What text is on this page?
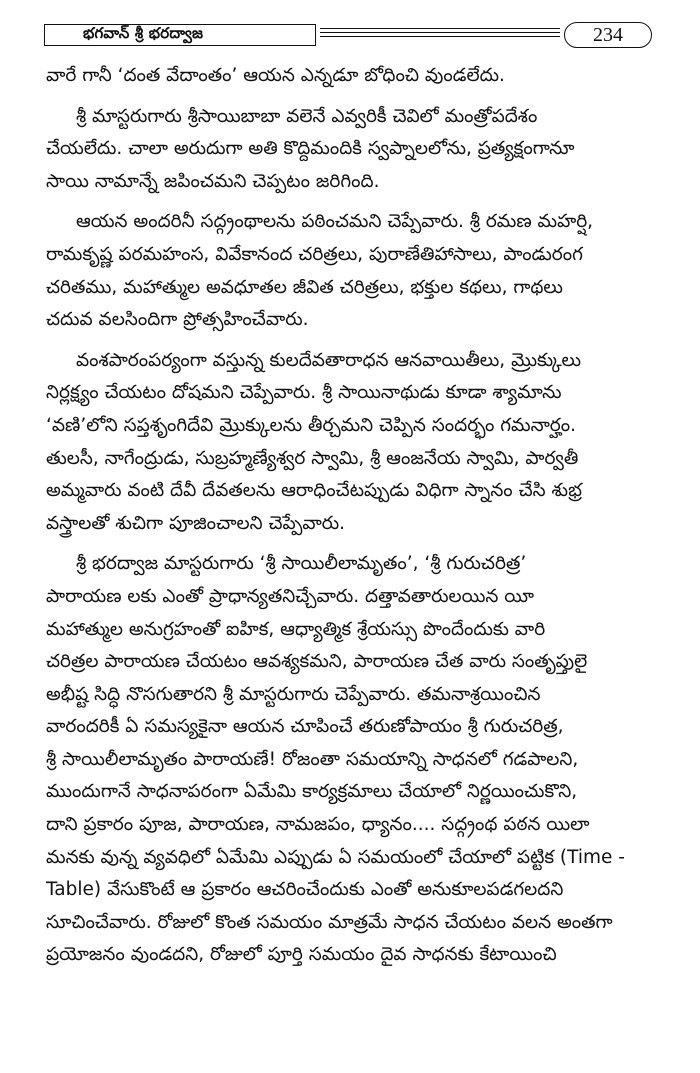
భగవాన్ శ్రీ భరద్వాజ	234
వారే గానీ ‘దంత వేదాంతం’ ఆయన ఎన్నడూ బోధించి వుండలేదు.
శ్రీ మాస్టరుగారు శ్రీసాయిబాబా వలెనే ఎవ్వరికీ చెవిలో మంత్రోపదేశం
చేయలేదు. చాలా అరుదుగా అతి కొద్దిమందికి స్వప్నాలలోను, ప్రత్యక్షంగానూ
సాయి నామాన్నే జపించమని చెప్పటం జరిగింది.
ఆయన అందరినీ సద్గ్రంథాలను పఠించమని చెప్పేవారు. శ్రీ రమణ మహర్షి,
రామకృష్ణ పరమహంస, వివేకానంద చరిత్రలు, పురాణేతిహాసాలు, పాండురంగ
చరితము, మహాత్ముల అవధూతల జీవిత చరిత్రలు, భక్తుల కథలు, గాథలు
చదువ వలసిందిగా ప్రోత్సహించేవారు.
వంశపారంపర్యంగా వస్తున్న కులదేవతారాధన ఆనవాయితీలు, మ్రొక్కులు
నిర్లక్ష్యం చేయటం దోషమని చెప్పేవారు. శ్రీ సాయినాథుడు కూడా శ్యామాను
‘వణి’లోని సప్తశృంగిదేవి మ్రొక్కులను తీర్చమని చెప్పిన సందర్భం గమనార్హం.
తులసీ, నాగేంద్రుడు, సుబ్రహ్మణ్యేశ్వర స్వామి, శ్రీ ఆంజనేయ స్వామి, పార్వతీ
అమ్మవారు వంటి దేవీ దేవతలను ఆరాధించేటప్పుడు విధిగా స్నానం చేసి శుభ్ర
వస్త్రాలతో శుచిగా పూజించాలని చెప్పేవారు.
శ్రీ భరద్వాజ మాస్టరుగారు ‘శ్రీ సాయిలీలామృతం’, ‘శ్రీ గురుచరిత్ర’
పారాయణ లకు ఎంతో ప్రాధాన్యతనిచ్చేవారు. దత్తావతారులయిన యీ
మహాత్ముల అనుగ్రహంతో ఐహిక, ఆధ్యాత్మిక శ్రేయస్సు పొందేందుకు వారి
చరిత్రల పారాయణ చేయటం ఆవశ్యకమని, పారాయణ చేత వారు సంతృప్తులై
అభీష్ట సిద్ధి నొసగుతారని శ్రీ మాస్టరుగారు చెప్పేవారు. తమనాశ్రయించిన
వారందరికీ ఏ సమస్యకైనా ఆయన చూపించే తరుణోపాయం శ్రీ గురుచరిత్ర,
శ్రీ సాయిలీలామృతం పారాయణే! రోజంతా సమయాన్ని సాధనలో గడపాలని,
ముందుగానే సాధనాపరంగా ఏమేమి కార్యక్రమాలు చేయాలో నిర్ణయించుకొని,
దాని ప్రకారం పూజ, పారాయణ, నామజపం, ధ్యానం.... సద్గ్రంథ పఠన యిలా
మనకు వున్న వ్యవధిలో ఏమేమి ఎప్పుడు ఏ సమయంలో చేయాలో పట్టిక (Time -
Table) వేసుకొంటే ఆ ప్రకారం ఆచరించేందుకు ఎంతో అనుకూలపడగలదని
సూచించేవారు. రోజులో కొంత సమయం మాత్రమే సాధన చేయటం వలన అంతగా
ప్రయోజనం వుండదని, రోజులో పూర్తి సమయం దైవ సాధనకు కేటాయించి
